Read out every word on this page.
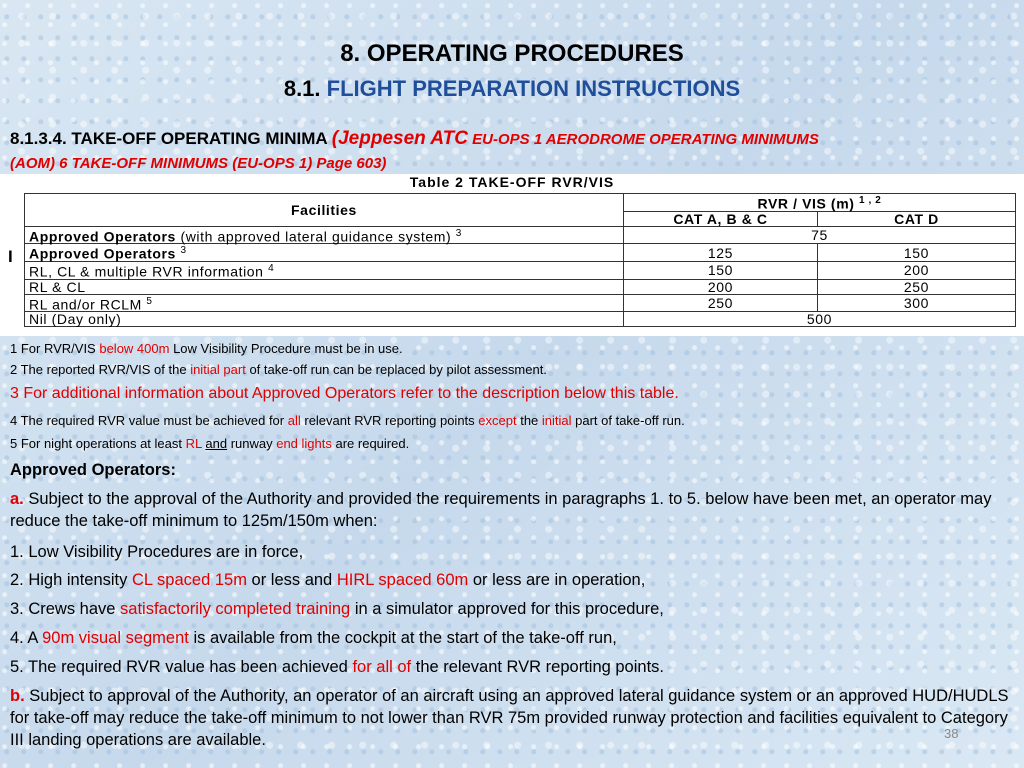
8. OPERATING PROCEDURES
8.1. FLIGHT PREPARATION INSTRUCTIONS
8.1.3.4. TAKE-OFF OPERATING MINIMA (Jeppesen ATC EU-OPS 1 AERODROME OPERATING MINIMUMS
(AOM) 6 TAKE-OFF MINIMUMS (EU-OPS 1) Page 603)
Table 2 TAKE-OFF RVR/VIS
I
Facilities	RVR / VIS (m) $^{1 , 2}$
	CAT A, B & C	CAT D
Approved Operators (with approved lateral guidance system) $^3$	75	
Approved Operators $^3$	125	150
RL, CL & multiple RVR information $^4$	150	200
RL & CL	200	250
RL and/or RCLM $^5$	250	300
Nil (Day only)	500	
1 For RVR/VIS below 400m Low Visibility Procedure must be in use.
2 The reported RVR/VIS of the initial part of take-off run can be replaced by pilot assessment.
3 For additional information about Approved Operators refer to the description below this table.
4 The required RVR value must be achieved for all relevant RVR reporting points except the initial part of take-off run.
5 For night operations at least RL and runway end lights are required.
Approved Operators:
a. Subject to the approval of the Authority and provided the requirements in paragraphs 1. to 5. below have been met, an operator may reduce the take-off minimum to 125m/150m when:
1. Low Visibility Procedures are in force,
2. High intensity CL spaced 15m or less and HIRL spaced 60m or less are in operation,
3. Crews have satisfactorily completed training in a simulator approved for this procedure,
4. A 90m visual segment is available from the cockpit at the start of the take-off run,
5. The required RVR value has been achieved for all of the relevant RVR reporting points.
b. Subject to approval of the Authority, an operator of an aircraft using an approved lateral guidance system or an approved HUD/HUDLS for take-off may reduce the take-off minimum to not lower than RVR 75m provided runway protection and facilities equivalent to Category III landing operations are available.	38
